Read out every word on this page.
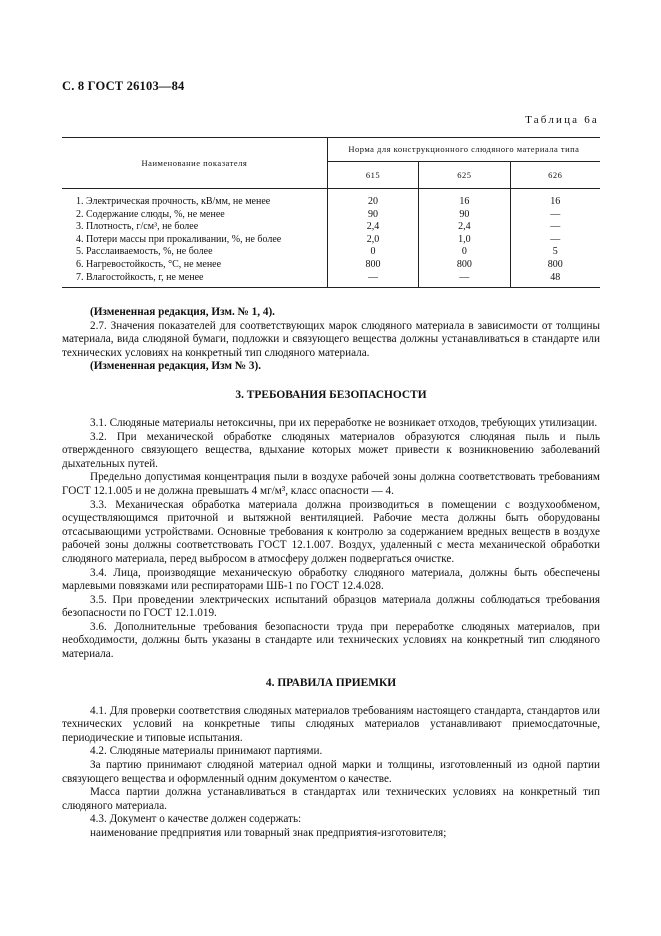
С. 8 ГОСТ 26103—84
Таблица 6а
Наименование показателя	Норма для конструкционного слюдяного материала типа		
	615	625	626
1. Электрическая прочность, кВ/мм, не менее	20	16	16
2. Содержание слюды, %, не менее	90	90	—
3. Плотность, г/см³, не более	2,4	2,4	—
4. Потери массы при прокаливании, %, не более	2,0	1,0	—
5. Расслаиваемость, %, не более	0	0	5
6. Нагревостойкость, °С, не менее	800	800	800
7. Влагостойкость, г, не менее	—	—	48

(Измененная редакция, Изм. № 1, 4).

2.7. Значения показателей для соответствующих марок слюдяного материала в зависимости от толщины материала, вида слюдяной бумаги, подложки и связующего вещества должны устанавливаться в стандарте или технических условиях на конкретный тип слюдяного материала.

(Измененная редакция, Изм № 3).

3. ТРЕБОВАНИЯ БЕЗОПАСНОСТИ

3.1. Слюдяные материалы нетоксичны, при их переработке не возникает отходов, требующих утилизации.

3.2. При механической обработке слюдяных материалов образуются слюдяная пыль и пыль отвержденного связующего вещества, вдыхание которых может привести к возникновению заболеваний дыхательных путей.

Предельно допустимая концентрация пыли в воздухе рабочей зоны должна соответствовать требованиям ГОСТ 12.1.005 и не должна превышать 4 мг/м³, класс опасности — 4.

3.3. Механическая обработка материала должна производиться в помещении с воздухообменом, осуществляющимся приточной и вытяжной вентиляцией. Рабочие места должны быть оборудованы отсасывающими устройствами. Основные требования к контролю за содержанием вредных веществ в воздухе рабочей зоны должны соответствовать ГОСТ 12.1.007. Воздух, удаленный с места механической обработки слюдяного материала, перед выбросом в атмосферу должен подвергаться очистке.

3.4. Лица, производящие механическую обработку слюдяного материала, должны быть обеспечены марлевыми повязками или респираторами ШБ-1 по ГОСТ 12.4.028.

3.5. При проведении электрических испытаний образцов материала должны соблюдаться требования безопасности по ГОСТ 12.1.019.

3.6. Дополнительные требования безопасности труда при переработке слюдяных материалов, при необходимости, должны быть указаны в стандарте или технических условиях на конкретный тип слюдяного материала.

4. ПРАВИЛА ПРИЕМКИ

4.1. Для проверки соответствия слюдяных материалов требованиям настоящего стандарта, стандартов или технических условий на конкретные типы слюдяных материалов устанавливают приемосдаточные, периодические и типовые испытания.

4.2. Слюдяные материалы принимают партиями.

За партию принимают слюдяной материал одной марки и толщины, изготовленный из одной партии связующего вещества и оформленный одним документом о качестве.

Масса партии должна устанавливаться в стандартах или технических условиях на конкретный тип слюдяного материала.

4.3. Документ о качестве должен содержать:

наименование предприятия или товарный знак предприятия-изготовителя;
